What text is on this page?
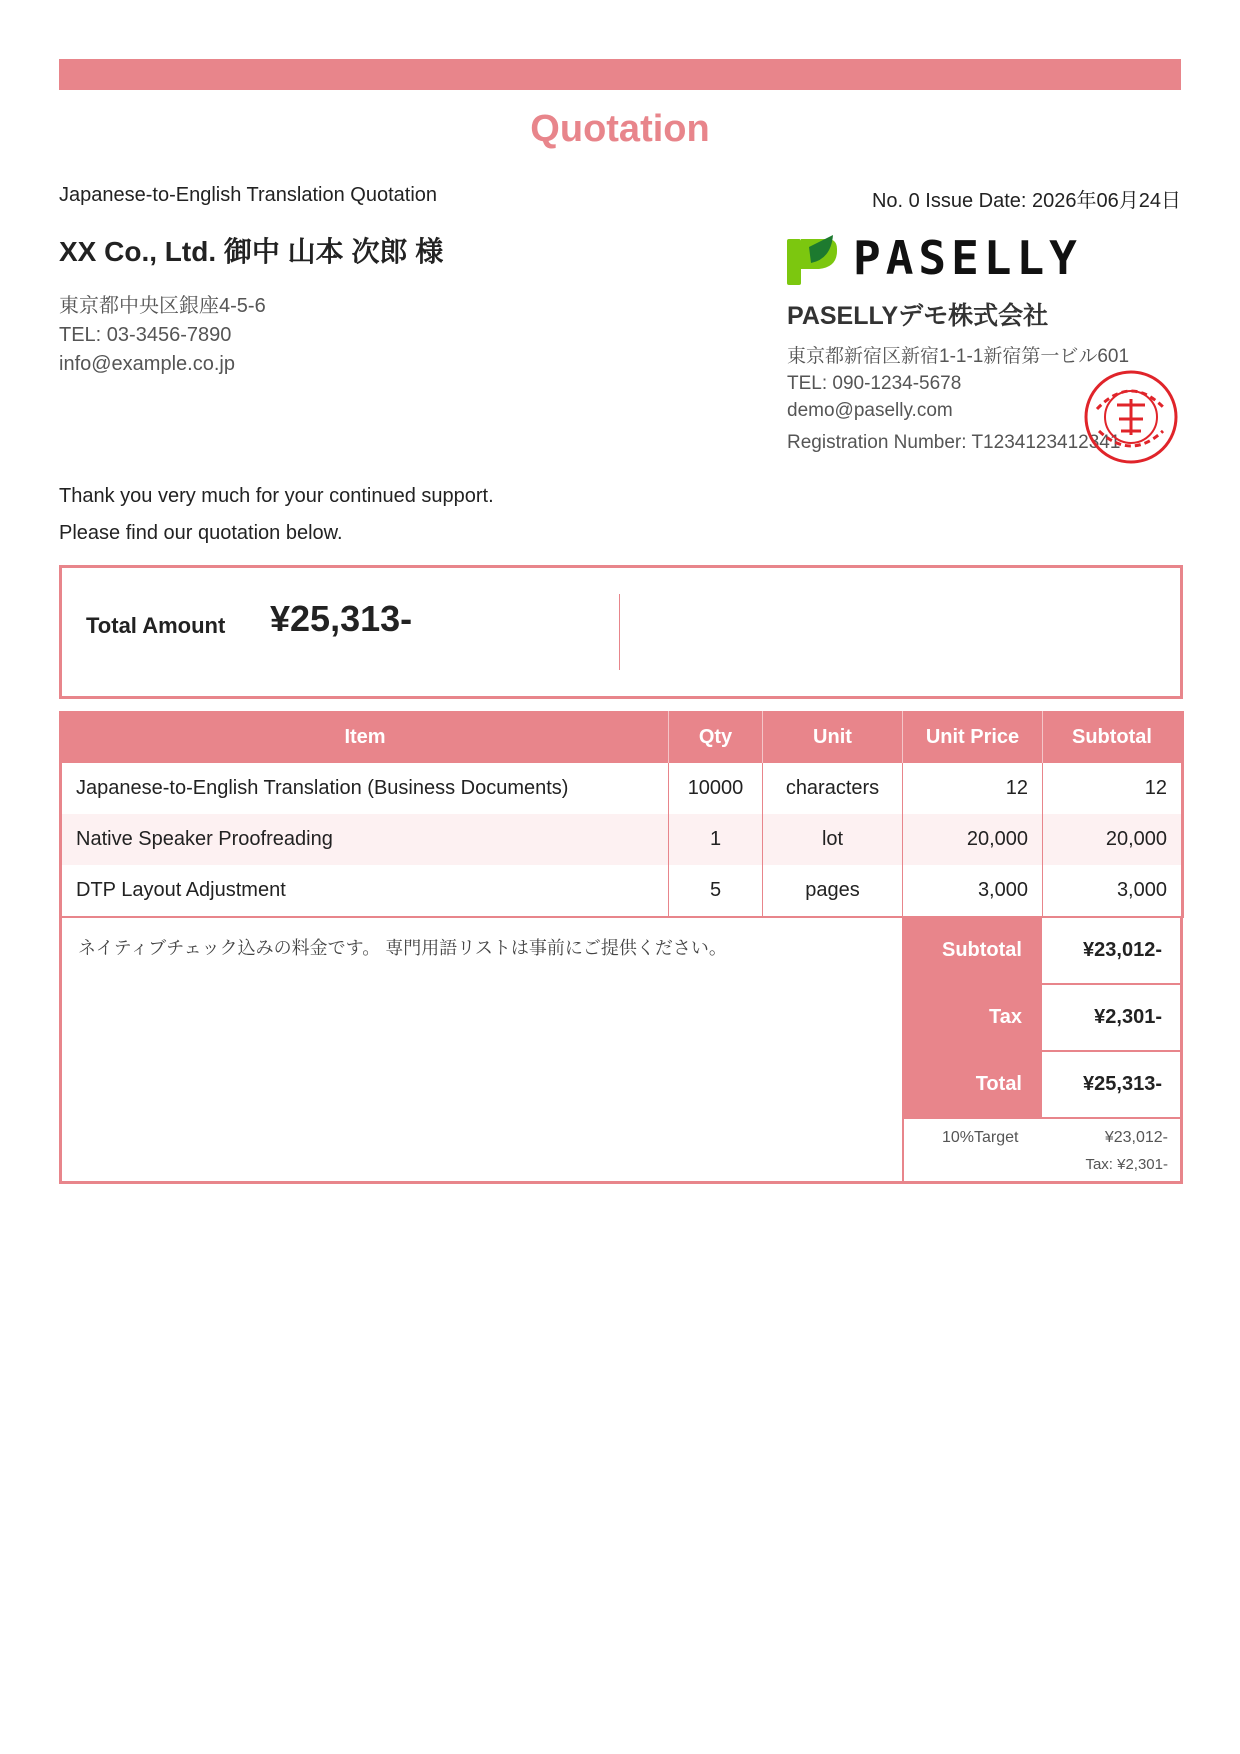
Quotation
Japanese-to-English Translation Quotation	No. 0 Issue Date: 2026年06月24日
XX Co., Ltd. 御中 山本 次郎 様
東京都中央区銀座4-5-6
TEL: 03-3456-7890
info@example.co.jp
PASELLY
PASELLYデモ株式会社
東京都新宿区新宿1-1-1新宿第一ビル601
TEL: 090-1234-5678
demo@paselly.com
Registration Number: T1234123412341
Thank you very much for your continued support.
Please find our quotation below.
Total Amount ¥25,313-
Item	Qty	Unit	Unit Price	Subtotal
Japanese-to-English Translation (Business Documents)	10000	characters	12	12
Native Speaker Proofreading	1	lot	20,000	20,000
DTP Layout Adjustment	5	pages	3,000	3,000
ネイティブチェック込みの料金です。 専門用語リストは事前にご提供ください。	Subtotal	¥23,012-
Tax	¥2,301-
Total	¥25,313-
10%Target	¥23,012-
Tax: ¥2,301-
